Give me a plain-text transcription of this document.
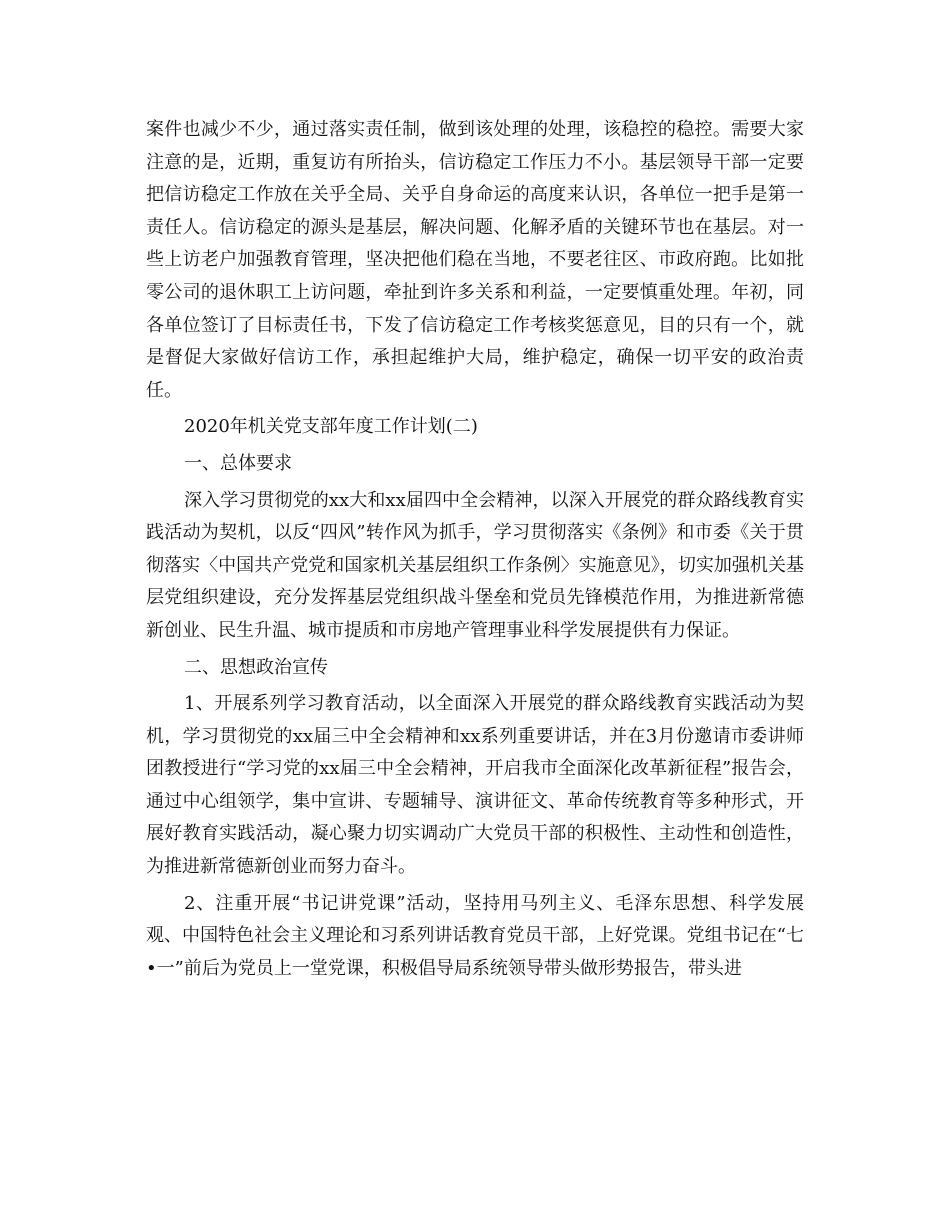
案件也减少不少，通过落实责任制，做到该处理的处理，该稳控的稳控。需要大家注意的是，近期，重复访有所抬头，信访稳定工作压力不小。基层领导干部一定要把信访稳定工作放在关乎全局、关乎自身命运的高度来认识，各单位一把手是第一责任人。信访稳定的源头是基层，解决问题、化解矛盾的关键环节也在基层。对一些上访老户加强教育管理，坚决把他们稳在当地，不要老往区、市政府跑。比如批零公司的退休职工上访问题，牵扯到许多关系和利益，一定要慎重处理。年初，同各单位签订了目标责任书，下发了信访稳定工作考核奖惩意见，目的只有一个，就是督促大家做好信访工作，承担起维护大局，维护稳定，确保一切平安的政治责任。

2020年机关党支部年度工作计划(二)

一、总体要求

深入学习贯彻党的xx大和xx届四中全会精神，以深入开展党的群众路线教育实践活动为契机，以反“四风”转作风为抓手，学习贯彻落实《条例》和市委《关于贯彻落实〈中国共产党党和国家机关基层组织工作条例〉实施意见》，切实加强机关基层党组织建设，充分发挥基层党组织战斗堡垒和党员先锋模范作用，为推进新常德新创业、民生升温、城市提质和市房地产管理事业科学发展提供有力保证。

二、思想政治宣传

1、开展系列学习教育活动，以全面深入开展党的群众路线教育实践活动为契机，学习贯彻党的xx届三中全会精神和xx系列重要讲话，并在3月份邀请市委讲师团教授进行“学习党的xx届三中全会精神，开启我市全面深化改革新征程”报告会，通过中心组领学，集中宣讲、专题辅导、演讲征文、革命传统教育等多种形式，开展好教育实践活动，凝心聚力切实调动广大党员干部的积极性、主动性和创造性，为推进新常德新创业而努力奋斗。

2、注重开展“书记讲党课”活动，坚持用马列主义、毛泽东思想、科学发展观、中国特色社会主义理论和习系列讲话教育党员干部，上好党课。党组书记在“七•一”前后为党员上一堂党课，积极倡导局系统领导带头做形势报告，带头进
